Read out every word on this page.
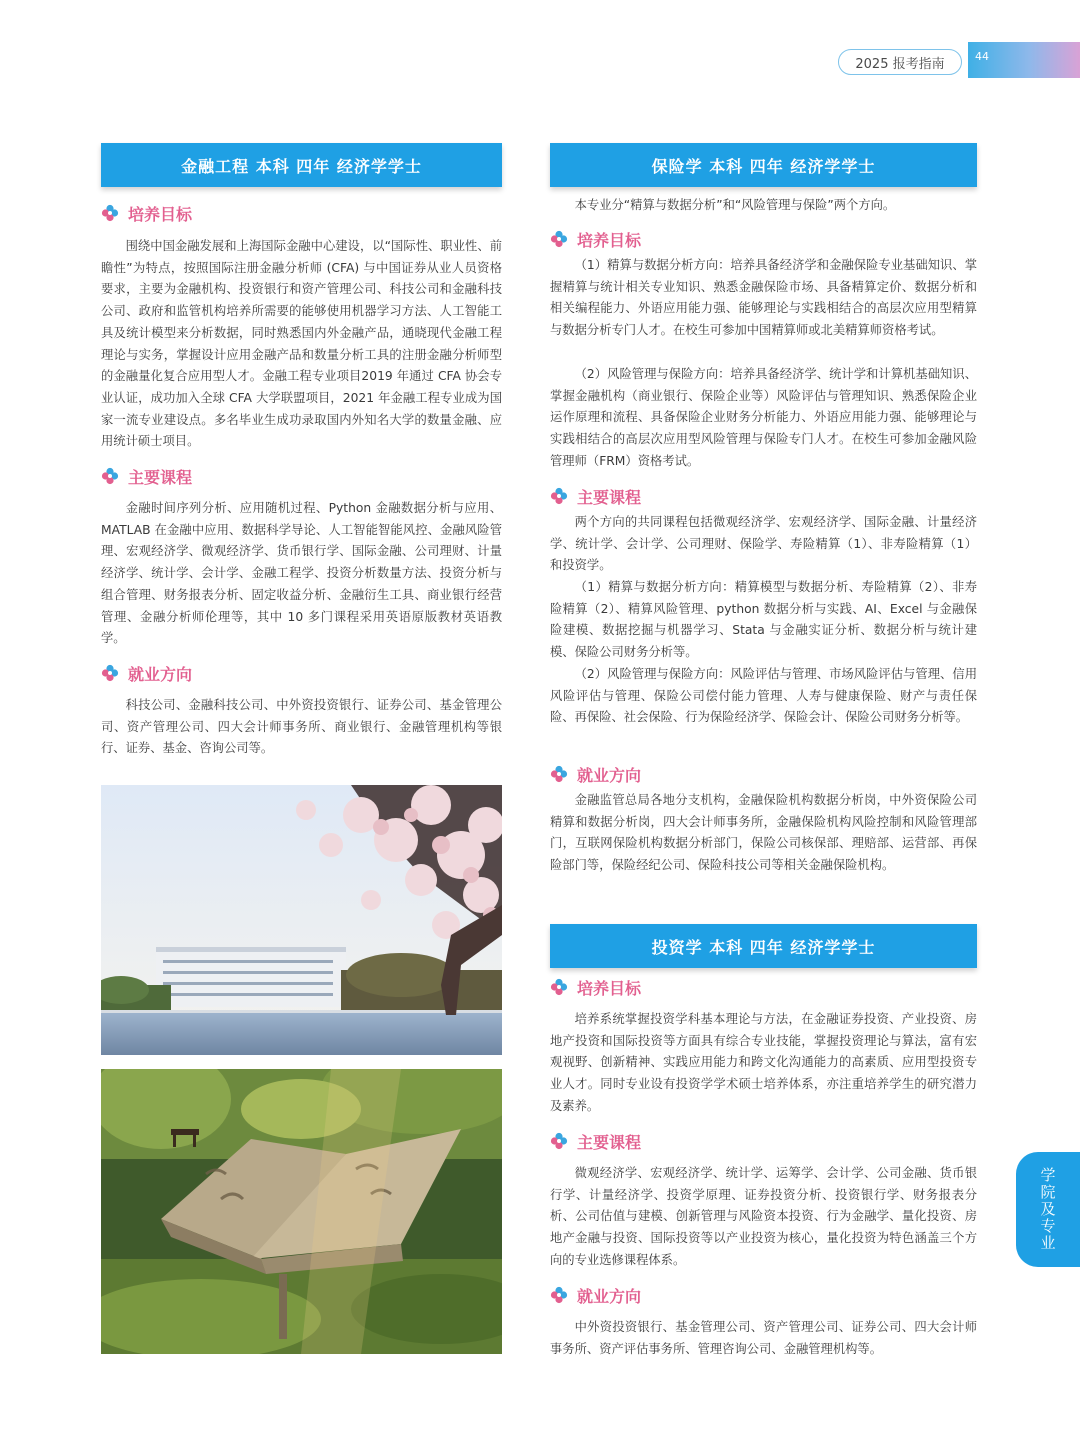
2025 报考指南	44
金融工程 本科 四年 经济学学士
培养目标

围绕中国金融发展和上海国际金融中心建设，以“国际性、职业性、前瞻性”为特点，按照国际注册金融分析师 (CFA) 与中国证券从业人员资格要求，主要为金融机构、投资银行和资产管理公司、科技公司和金融科技公司、政府和监管机构培养所需要的能够使用机器学习方法、人工智能工具及统计模型来分析数据，同时熟悉国内外金融产品，通晓现代金融工程理论与实务，掌握设计应用金融产品和数量分析工具的注册金融分析师型的金融量化复合应用型人才。金融工程专业项目2019 年通过 CFA 协会专业认证，成功加入全球 CFA 大学联盟项目，2021 年金融工程专业成为国家一流专业建设点。多名毕业生成功录取国内外知名大学的数量金融、应用统计硕士项目。

主要课程

金融时间序列分析、应用随机过程、Python 金融数据分析与应用、MATLAB 在金融中应用、数据科学导论、人工智能智能风控、金融风险管理、宏观经济学、微观经济学、货币银行学、国际金融、公司理财、计量经济学、统计学、会计学、金融工程学、投资分析数量方法、投资分析与组合管理、财务报表分析、固定收益分析、金融衍生工具、商业银行经营管理、金融分析师伦理等，其中 10 多门课程采用英语原版教材英语教学。

就业方向

科技公司、金融科技公司、中外资投资银行、证券公司、基金管理公司、资产管理公司、四大会计师事务所、商业银行、金融管理机构等银行、证券、基金、咨询公司等。

保险学 本科 四年 经济学学士

本专业分“精算与数据分析”和“风险管理与保险”两个方向。

培养目标

（1）精算与数据分析方向：培养具备经济学和金融保险专业基础知识、掌握精算与统计相关专业知识、熟悉金融保险市场、具备精算定价、数据分析和相关编程能力、外语应用能力强、能够理论与实践相结合的高层次应用型精算与数据分析专门人才。在校生可参加中国精算师或北美精算师资格考试。

（2）风险管理与保险方向：培养具备经济学、统计学和计算机基础知识、掌握金融机构（商业银行、保险企业等）风险评估与管理知识、熟悉保险企业运作原理和流程、具备保险企业财务分析能力、外语应用能力强、能够理论与实践相结合的高层次应用型风险管理与保险专门人才。在校生可参加金融风险管理师（FRM）资格考试。

主要课程

两个方向的共同课程包括微观经济学、宏观经济学、国际金融、计量经济学、统计学、会计学、公司理财、保险学、寿险精算（1）、非寿险精算（1）和投资学。

（1）精算与数据分析方向：精算模型与数据分析、寿险精算（2）、非寿险精算（2）、精算风险管理、python 数据分析与实践、AI、Excel 与金融保险建模、数据挖掘与机器学习、Stata 与金融实证分析、数据分析与统计建模、保险公司财务分析等。

（2）风险管理与保险方向：风险评估与管理、市场风险评估与管理、信用风险评估与管理、保险公司偿付能力管理、人寿与健康保险、财产与责任保险、再保险、社会保险、行为保险经济学、保险会计、保险公司财务分析等。

就业方向

金融监管总局各地分支机构，金融保险机构数据分析岗，中外资保险公司精算和数据分析岗，四大会计师事务所，金融保险机构风险控制和风险管理部门，互联网保险机构数据分析部门，保险公司核保部、理赔部、运营部、再保险部门等，保险经纪公司、保险科技公司等相关金融保险机构。

投资学 本科 四年 经济学学士
培养目标

培养系统掌握投资学科基本理论与方法，在金融证券投资、产业投资、房地产投资和国际投资等方面具有综合专业技能，掌握投资理论与算法，富有宏观视野、创新精神、实践应用能力和跨文化沟通能力的高素质、应用型投资专业人才。同时专业设有投资学学术硕士培养体系，亦注重培养学生的研究潜力及素养。

主要课程

微观经济学、宏观经济学、统计学、运筹学、会计学、公司金融、货币银行学、计量经济学、投资学原理、证券投资分析、投资银行学、财务报表分析、公司估值与建模、创新管理与风险资本投资、行为金融学、量化投资、房地产金融与投资、国际投资等以产业投资为核心，量化投资为特色涵盖三个方向的专业选修课程体系。

就业方向

中外资投资银行、基金管理公司、资产管理公司、证券公司、四大会计师事务所、资产评估事务所、管理咨询公司、金融管理机构等。

学院及专业
